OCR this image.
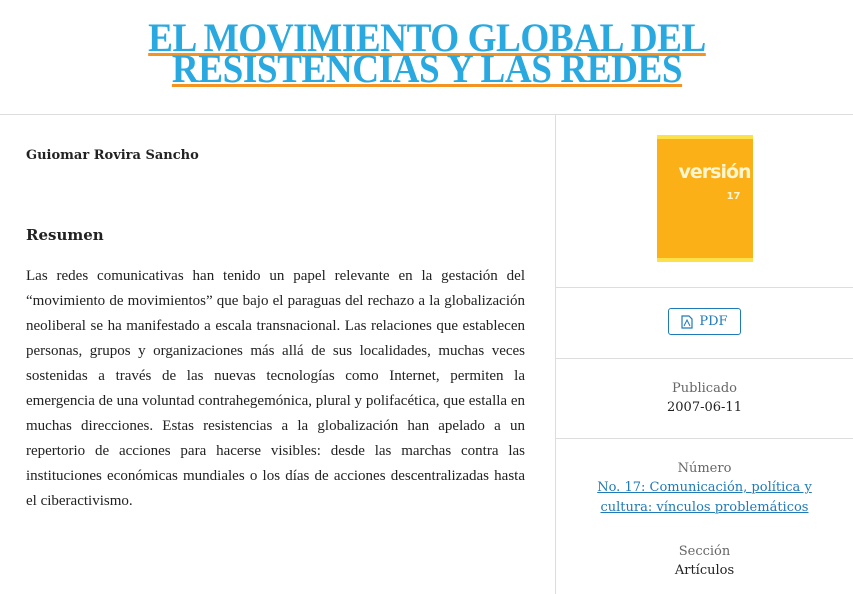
EL MOVIMIENTO GLOBAL DEL RESISTENCIAS Y LAS REDES
Guiomar Rovira Sancho
Resumen

Las redes comunicativas han tenido un papel relevante en la gestación del “movimiento de movimientos” que bajo el paraguas del rechazo a la globalización neoliberal se ha manifestado a escala transnacional. Las relaciones que establecen personas, grupos y organizaciones más allá de sus localidades, muchas veces sostenidas a través de las nuevas tecnologías como Internet, permiten la emergencia de una voluntad contrahegemónica, plural y polifacética, que estalla en muchas direcciones. Estas resistencias a la globalización han apelado a un repertorio de acciones para hacerse visibles: desde las marchas contra las instituciones económicas mundiales o los días de acciones descentralizadas hasta el ciberactivismo.

versión
17
PDF
Publicado
2007-06-11
Número
No. 17: Comunicación, política y cultura: vínculos problemáticos
Sección
Artículos
